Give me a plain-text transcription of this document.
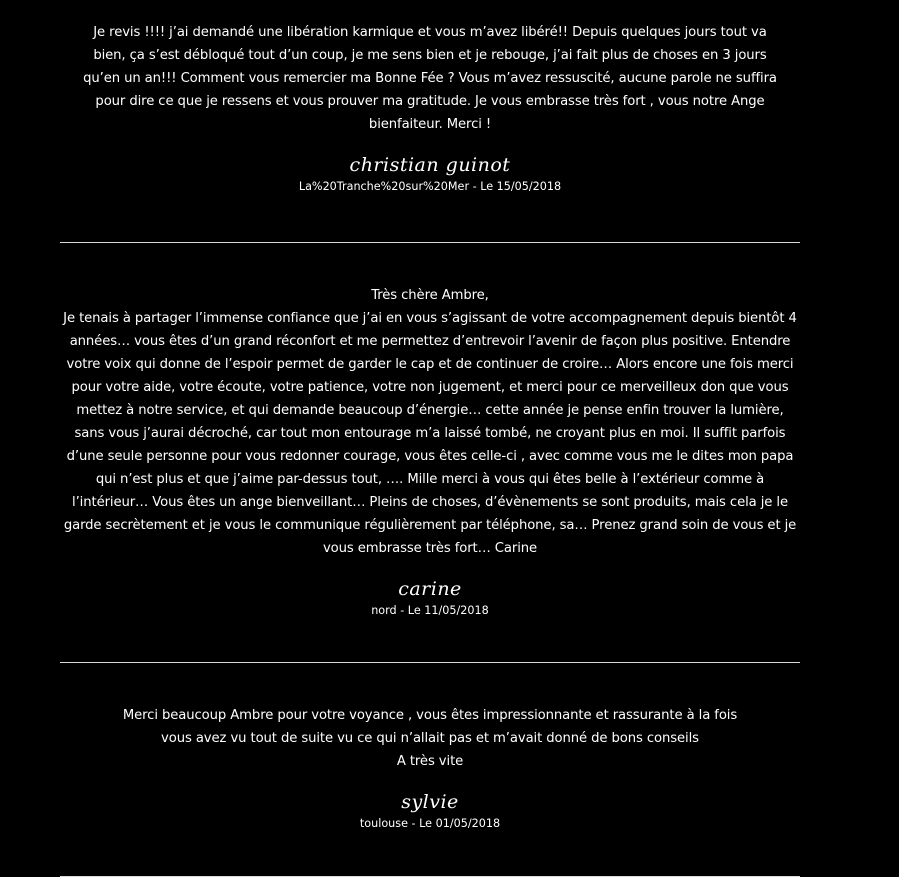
Je revis !!!! j’ai demandé une libération karmique et vous m’avez libéré!! Depuis quelques jours tout va bien, ça s’est débloqué tout d’un coup, je me sens bien et je rebouge, j’ai fait plus de choses en 3 jours qu’en un an!!! Comment vous remercier ma Bonne Fée ? Vous m’avez ressuscité, aucune parole ne suffira pour dire ce que je ressens et vous prouver ma gratitude. Je vous embrasse très fort , vous notre Ange bienfaiteur. Merci !
christian guinot
La%20Tranche%20sur%20Mer - Le 15/05/2018
Très chère Ambre,
Je tenais à partager l’immense confiance que j’ai en vous s’agissant de votre accompagnement depuis bientôt 4 années… vous êtes d’un grand réconfort et me permettez d’entrevoir l’avenir de façon plus positive. Entendre votre voix qui donne de l’espoir permet de garder le cap et de continuer de croire… Alors encore une fois merci pour votre aide, votre écoute, votre patience, votre non jugement, et merci pour ce merveilleux don que vous mettez à notre service, et qui demande beaucoup d’énergie… cette année je pense enfin trouver la lumière, sans vous j’aurai décroché, car tout mon entourage m’a laissé tombé, ne croyant plus en moi. Il suffit parfois d’une seule personne pour vous redonner courage, vous êtes celle-ci , avec comme vous me le dites mon papa qui n’est plus et que j’aime par-dessus tout, …. Mille merci à vous qui êtes belle à l’extérieur comme à l’intérieur… Vous êtes un ange bienveillant… Pleins de choses, d’évènements se sont produits, mais cela je le garde secrètement et je vous le communique régulièrement par téléphone, sa… Prenez grand soin de vous et je vous embrasse très fort… Carine
carine
nord - Le 11/05/2018
Merci beaucoup Ambre pour votre voyance , vous êtes impressionnante et rassurante à la fois
vous avez vu tout de suite vu ce qui n’allait pas et m’avait donné de bons conseils
A très vite
sylvie
toulouse - Le 01/05/2018
